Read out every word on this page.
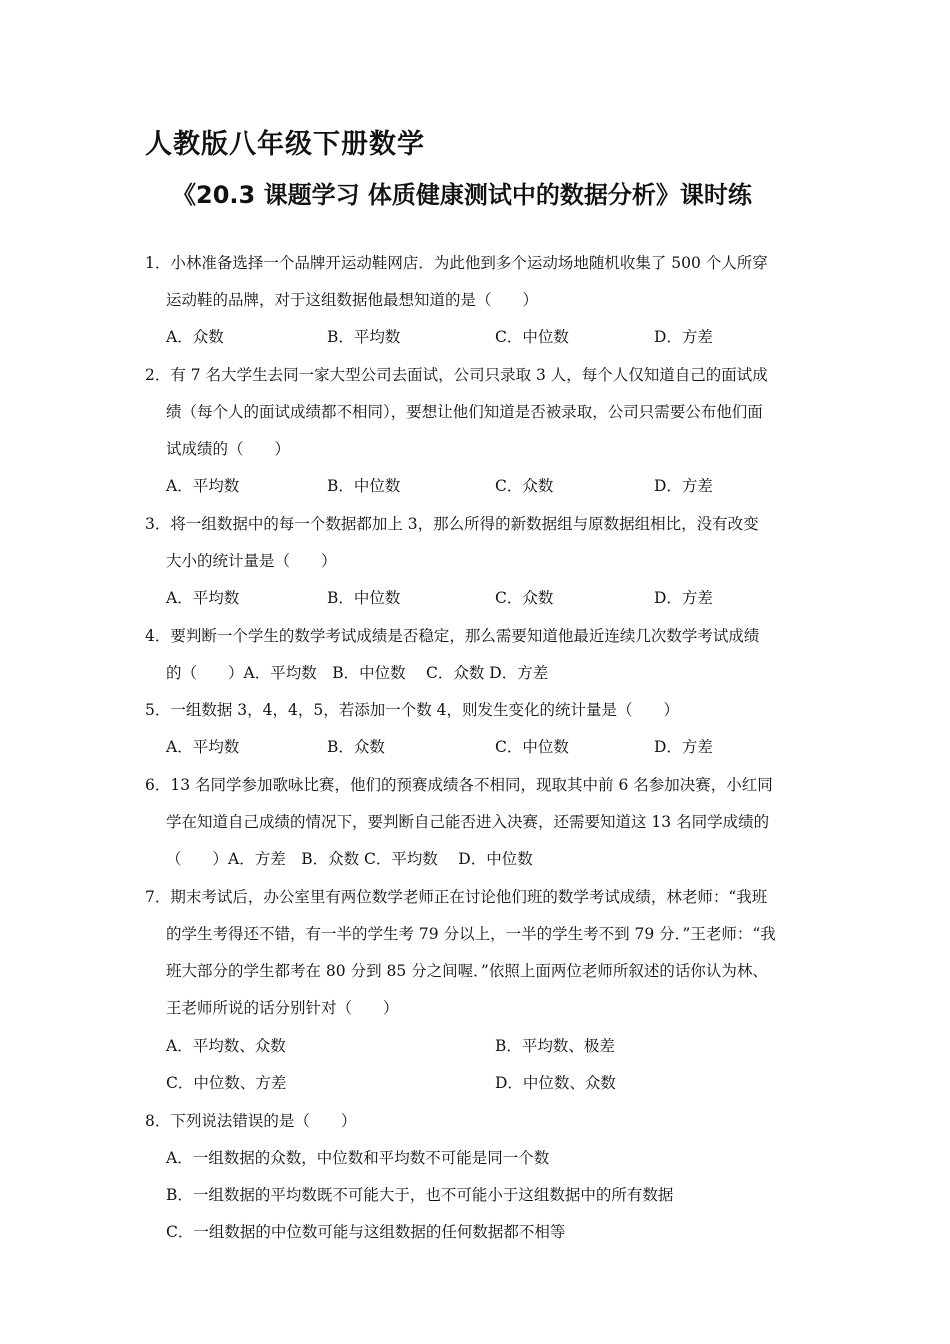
人教版八年级下册数学
《20.3 课题学习 体质健康测试中的数据分析》课时练
1．小林准备选择一个品牌开运动鞋网店．为此他到多个运动场地随机收集了 500 个人所穿
运动鞋的品牌，对于这组数据他最想知道的是（　　）
A．众数	B．平均数	C．中位数	D．方差
2．有 7 名大学生去同一家大型公司去面试，公司只录取 3 人，每个人仅知道自己的面试成
绩（每个人的面试成绩都不相同），要想让他们知道是否被录取，公司只需要公布他们面
试成绩的（　　）
A．平均数	B．中位数	C．众数	D．方差
3．将一组数据中的每一个数据都加上 3，那么所得的新数据组与原数据组相比，没有改变
大小的统计量是（　　）
A．平均数	B．中位数	C．众数	D．方差
4．要判断一个学生的数学考试成绩是否稳定，那么需要知道他最近连续几次数学考试成绩
的（　　）A．平均数　B．中位数　 C．众数 D．方差
5．一组数据 3，4，4，5，若添加一个数 4，则发生变化的统计量是（　　）
A．平均数	B．众数	C．中位数	D．方差
6．13 名同学参加歌咏比赛，他们的预赛成绩各不相同，现取其中前 6 名参加决赛，小红同
学在知道自己成绩的情况下，要判断自己能否进入决赛，还需要知道这 13 名同学成绩的
（　　）A．方差　B．众数 C．平均数　 D．中位数
7．期末考试后，办公室里有两位数学老师正在讨论他们班的数学考试成绩，林老师：“我班
的学生考得还不错，有一半的学生考 79 分以上，一半的学生考不到 79 分．”王老师：“我
班大部分的学生都考在 80 分到 85 分之间喔．”依照上面两位老师所叙述的话你认为林、
王老师所说的话分别针对（　　）
A．平均数、众数	B．平均数、极差
C．中位数、方差	D．中位数、众数
8．下列说法错误的是（　　）
A．一组数据的众数，中位数和平均数不可能是同一个数
B．一组数据的平均数既不可能大于，也不可能小于这组数据中的所有数据
C．一组数据的中位数可能与这组数据的任何数据都不相等
